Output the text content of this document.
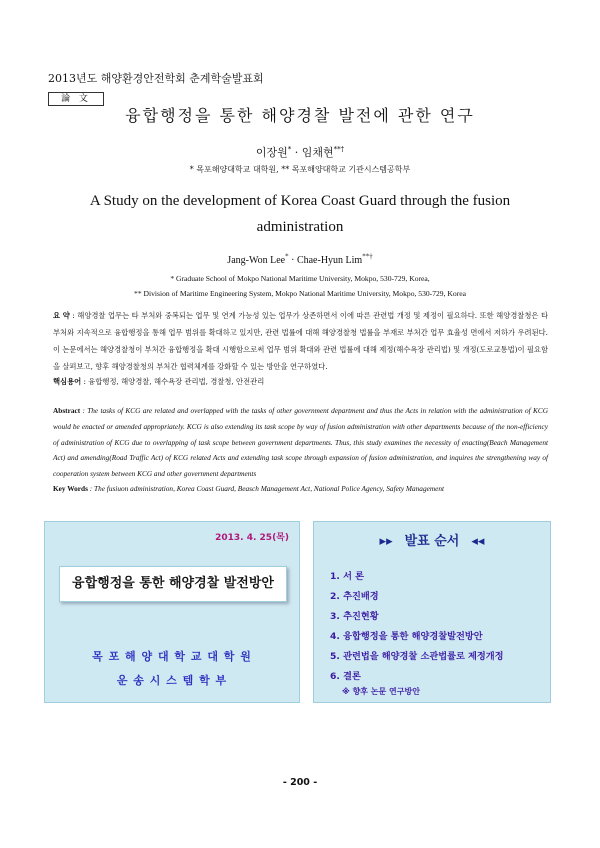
2013년도 해양환경안전학회 춘계학술발표회
論 文
융합행정을 통한 해양경찰 발전에 관한 연구
이장원* · 임채현**†
* 목포해양대학교 대학원, ** 목포해양대학교 기관시스템공학부
A Study on the development of Korea Coast Guard through the fusion administration
Jang-Won Lee* · Chae-Hyun Lim**†
* Graduate School of Mokpo National Maritime University, Mokpo, 530-729, Korea,
** Division of Maritime Engineering System, Mokpo National Maritime University, Mokpo, 530-729, Korea
요 약 : 해양경찰 업무는 타 부처와 중복되는 업무 및 연계 가능성 있는 업무가 상존하면서 이에 따른 관련법 개정 및 제정이 필요하다. 또한 해양경찰청은 타부처와 지속적으로 융합행정을 통해 업무 범위를 확대하고 있지만, 관련 법률에 대해 해양경찰청 법률을 부재로 부처간 업무 효율성 면에서 저하가 우려된다. 이 논문에서는 해양경찰청이 부처간 융합행정을 확대 시행함으로써 업무 범위 확대와 관련 법률에 대해 제정(해수욕장 관리법) 및 개정(도로교통법)이 필요함을 살펴보고, 향후 해양경찰청의 부처간 협력체계를 강화할 수 있는 방안을 연구하였다.
핵심용어 : 융합행정, 해양경찰, 해수욕장 관리법, 경찰청, 안전관리
Abstract : The tasks of KCG are related and overlapped with the tasks of other government department and thus the Acts in relation with the administration of KCG would be enacted or amended appropriately. KCG is also extending its task scope by way of fusion administration with other departments because of the non-efficiency of administration of KCG due to overlapping of task scope between government departments. Thus, this study examines the necessity of enacting(Beach Management Act) and amending(Road Traffic Act) of KCG related Acts and extending task scope through expansion of fusion administration, and inquires the strengthening way of cooperation system between KCG and other government departments
Key Words : The fusiuon administration, Korea Coast Guard, Beasch Management Act, National Police Agency, Safety Management
2013. 4. 25(목)
융합행정을 통한 해양경찰 발전방안
목 포 해 양 대 학 교 대 학 원
운 송 시 스 템 학 부
▸▸ 발표 순서 ◂◂
1. 서 론
2. 추진배경
3. 추진현황
4. 융합행정을 통한 해양경찰발전방안
5. 관련법을 해양경찰 소관법률로 제정개정
6. 결론
※ 향후 논문 연구방안
- 200 -
